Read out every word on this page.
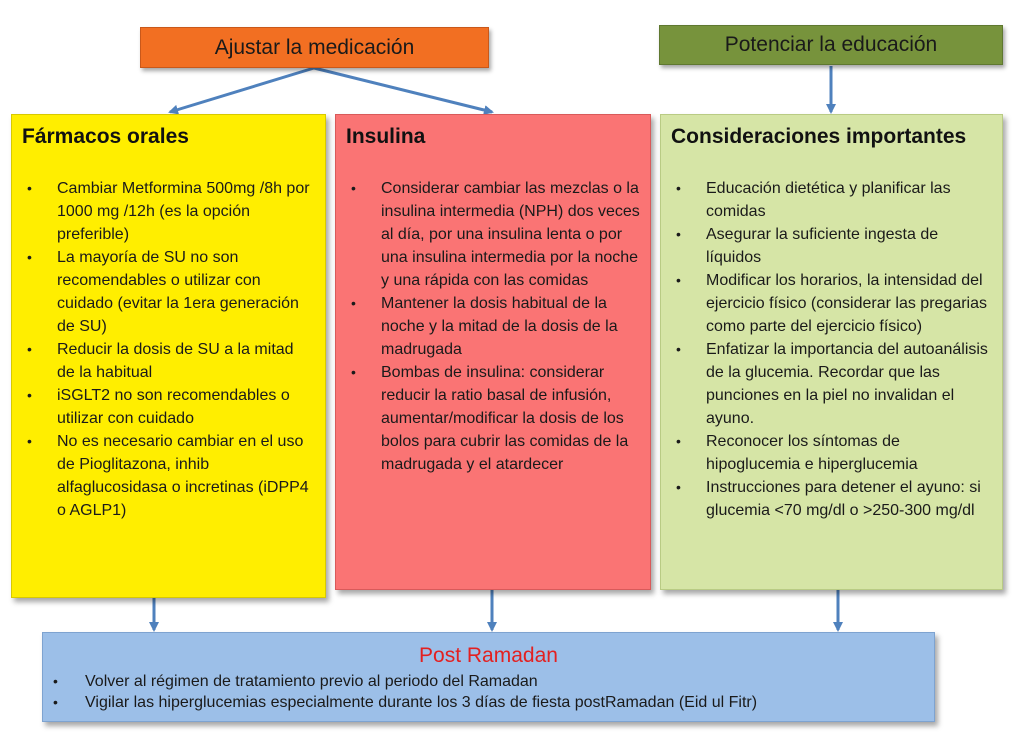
Ajustar la medicación	Potenciar la educación
Fármacos orales
• Cambiar Metformina 500mg /8h por 1000 mg /12h (es la opción preferible)
• La mayoría de SU no son recomendables o utilizar con cuidado (evitar la 1era generación de SU)
• Reducir la dosis de SU a la mitad de la habitual
• iSGLT2 no son recomendables o utilizar con cuidado
• No es necesario cambiar en el uso de Pioglitazona, inhib alfaglucosidasa o incretinas (iDPP4 o AGLP1)
Insulina
• Considerar cambiar las mezclas o la insulina intermedia (NPH) dos veces al día, por una insulina lenta o por una insulina intermedia por la noche y una rápida con las comidas
• Mantener la dosis habitual de la noche y la mitad de la dosis de la madrugada
• Bombas de insulina: considerar reducir la ratio basal de infusión, aumentar/modificar la dosis de los bolos para cubrir las comidas de la madrugada y el atardecer
Consideraciones importantes
• Educación dietética y planificar las comidas
• Asegurar la suficiente ingesta de líquidos
• Modificar los horarios, la intensidad del ejercicio físico (considerar las pregarias como parte del ejercicio físico)
• Enfatizar la importancia del autoanálisis de la glucemia. Recordar que las punciones en la piel no invalidan el ayuno.
• Reconocer los síntomas de hipoglucemia e hiperglucemia
• Instrucciones para detener el ayuno: si glucemia <70 mg/dl o >250-300 mg/dl
Post Ramadan
• Volver al régimen de tratamiento previo al periodo del Ramadan
• Vigilar las hiperglucemias especialmente durante los 3 días de fiesta postRamadan (Eid ul Fitr)
